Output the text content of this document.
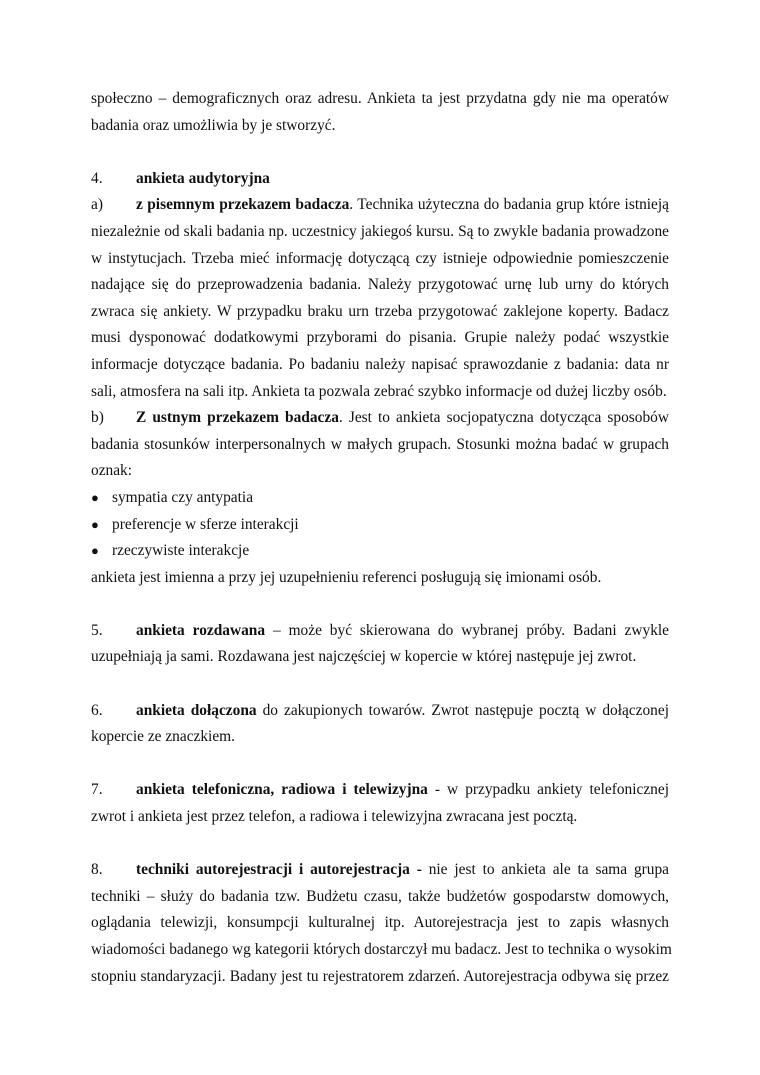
społeczno – demograficznych oraz adresu. Ankieta ta jest przydatna gdy nie ma operatów
badania oraz umożliwia by je stworzyć.
4. ankieta audytoryjna
a) z pisemnym przekazem badacza. Technika użyteczna do badania grup które istnieją
niezależnie od skali badania np. uczestnicy jakiegoś kursu. Są to zwykle badania prowadzone
w instytucjach. Trzeba mieć informację dotyczącą czy istnieje odpowiednie pomieszczenie
nadające się do przeprowadzenia badania. Należy przygotować urnę lub urny do których
zwraca się ankiety. W przypadku braku urn trzeba przygotować zaklejone koperty. Badacz
musi dysponować dodatkowymi przyborami do pisania. Grupie należy podać wszystkie
informacje dotyczące badania. Po badaniu należy napisać sprawozdanie z badania: data nr
sali, atmosfera na sali itp. Ankieta ta pozwala zebrać szybko informacje od dużej liczby osób.
b) Z ustnym przekazem badacza. Jest to ankieta socjopatyczna dotycząca sposobów
badania stosunków interpersonalnych w małych grupach. Stosunki można badać w grupach
oznak:
● sympatia czy antypatia
● preferencje w sferze interakcji
● rzeczywiste interakcje
ankieta jest imienna a przy jej uzupełnieniu referenci posługują się imionami osób.
5. ankieta rozdawana – może być skierowana do wybranej próby. Badani zwykle
uzupełniają ja sami. Rozdawana jest najczęściej w kopercie w której następuje jej zwrot.
6. ankieta dołączona do zakupionych towarów. Zwrot następuje pocztą w dołączonej
kopercie ze znaczkiem.
7. ankieta telefoniczna, radiowa i telewizyjna - w przypadku ankiety telefonicznej
zwrot i ankieta jest przez telefon, a radiowa i telewizyjna zwracana jest pocztą.
8. techniki autorejestracji i autorejestracja - nie jest to ankieta ale ta sama grupa
techniki – służy do badania tzw. Budżetu czasu, także budżetów gospodarstw domowych,
oglądania telewizji, konsumpcji kulturalnej itp. Autorejestracja jest to zapis własnych
wiadomości badanego wg kategorii których dostarczył mu badacz. Jest to technika o wysokim
stopniu standaryzacji. Badany jest tu rejestratorem zdarzeń. Autorejestracja odbywa się przez
